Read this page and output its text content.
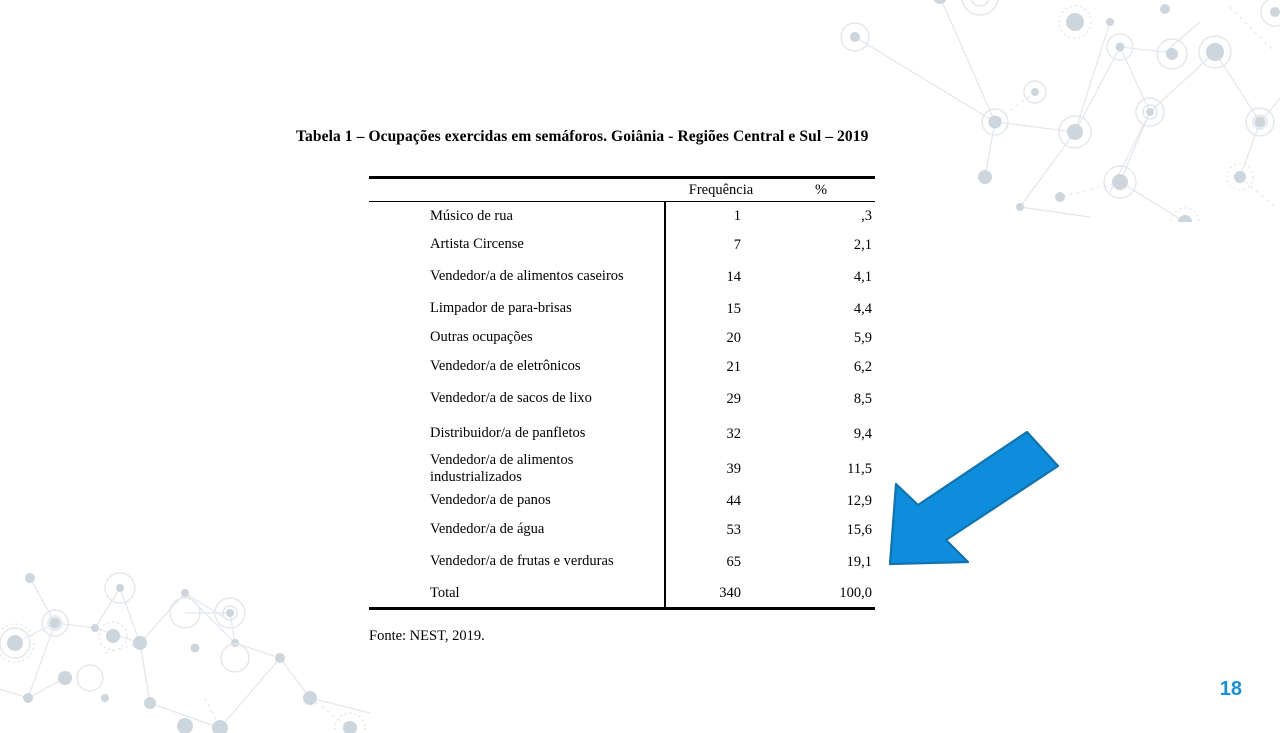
Tabela 1 – Ocupações exercidas em semáforos. Goiânia - Regiões Central e Sul – 2019
	Frequência	%
Músico de rua	1	,3
Artista Circense	7	2,1
Vendedor/a de alimentos caseiros	14	4,1
Limpador de para-brisas	15	4,4
Outras ocupações	20	5,9
Vendedor/a de eletrônicos	21	6,2
Vendedor/a de sacos de lixo	29	8,5
Distribuidor/a de panfletos	32	9,4
Vendedor/a de alimentos industrializados	39	11,5
Vendedor/a de panos	44	12,9
Vendedor/a de água	53	15,6
Vendedor/a de frutas e verduras	65	19,1
Total	340	100,0
Fonte: NEST, 2019.
18
